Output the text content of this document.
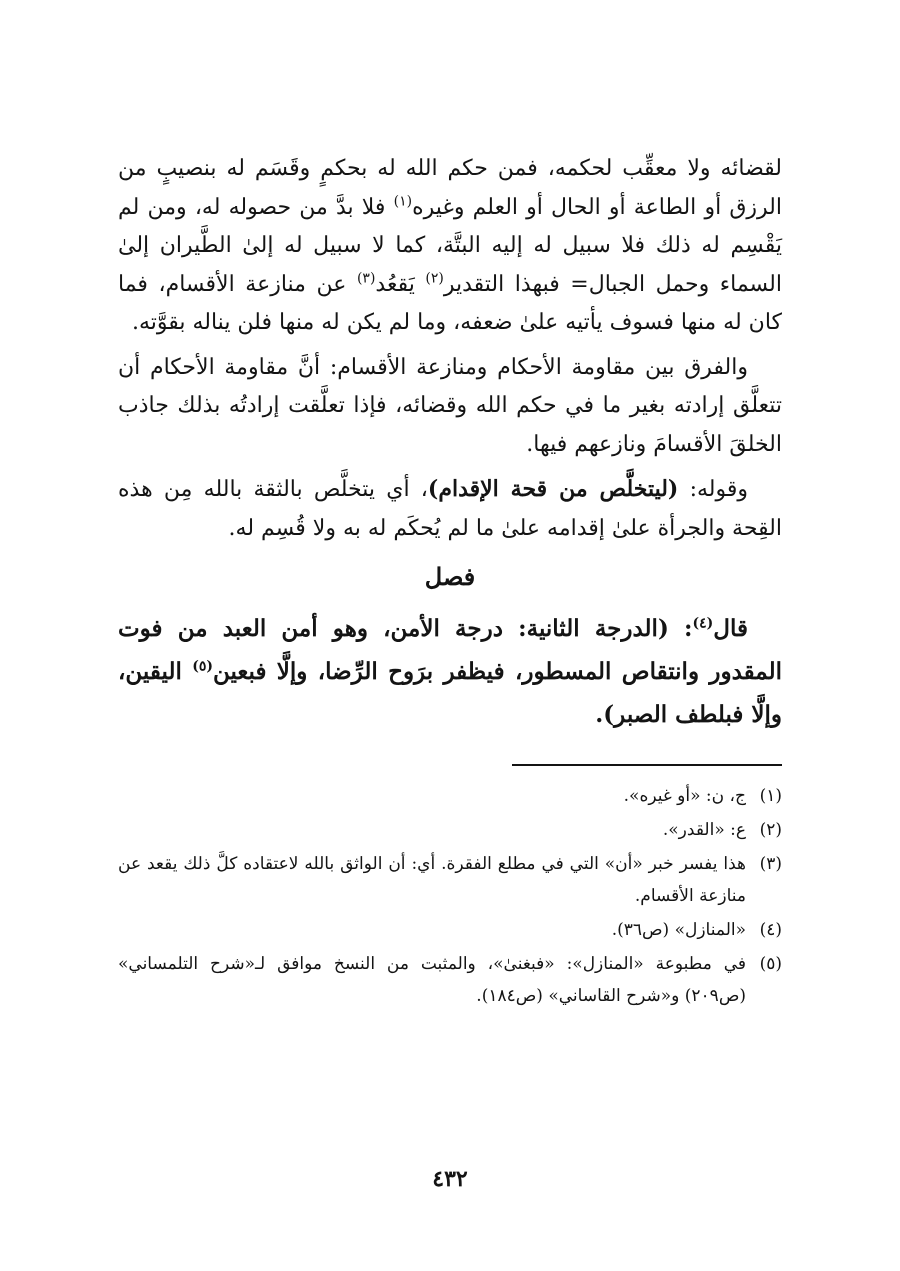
لقضائه ولا معقِّب لحكمه، فمن حكم الله له بحكمٍ وقَسَم له بنصيبٍ من الرزق أو الطاعة أو الحال أو العلم وغيره$^{(١)}$ فلا بدَّ من حصوله له، ومن لم يَقْسِم له ذلك فلا سبيل له إليه البتَّة، كما لا سبيل له إلىٰ الطَّيران إلىٰ السماء وحمل الجبال= فبهذا التقدير$^{(٢)}$ يَقعُد$^{(٣)}$ عن منازعة الأقسام، فما كان له منها فسوف يأتيه علىٰ ضعفه، وما لم يكن له منها فلن يناله بقوَّته.

والفرق بين مقاومة الأحكام ومنازعة الأقسام: أنَّ مقاومة الأحكام أن تتعلَّق إرادته بغير ما في حكم الله وقضائه، فإذا تعلَّقت إرادتُه بذلك جاذب الخلقَ الأقسامَ ونازعهم فيها.

وقوله: (ليتخلَّص من قحة الإقدام)، أي يتخلَّص بالثقة بالله مِن هذه القِحة والجرأة علىٰ إقدامه علىٰ ما لم يُحكَم له به ولا قُسِم له.

فصل

قال$^{(٤)}$: (الدرجة الثانية: درجة الأمن، وهو أمن العبد من فوت المقدور وانتقاص المسطور، فيظفر برَوح الرِّضا، وإلَّا فبعين$^{(٥)}$ اليقين، وإلَّا فبلطف الصبر).

(١)
ج، ن: «أو غيره».
(٢)
ع: «القدر».
(٣)
هذا يفسر خبر «أن» التي في مطلع الفقرة. أي: أن الواثق بالله لاعتقاده كلَّ ذلك يقعد عن منازعة الأقسام.
(٤)
«المنازل» (ص٣٦).
(٥)
في مطبوعة «المنازل»: «فبغنىٰ»، والمثبت من النسخ موافق لـ«شرح التلمساني» (ص٢٠٩) و«شرح القاساني» (ص١٨٤).
٤٣٢
